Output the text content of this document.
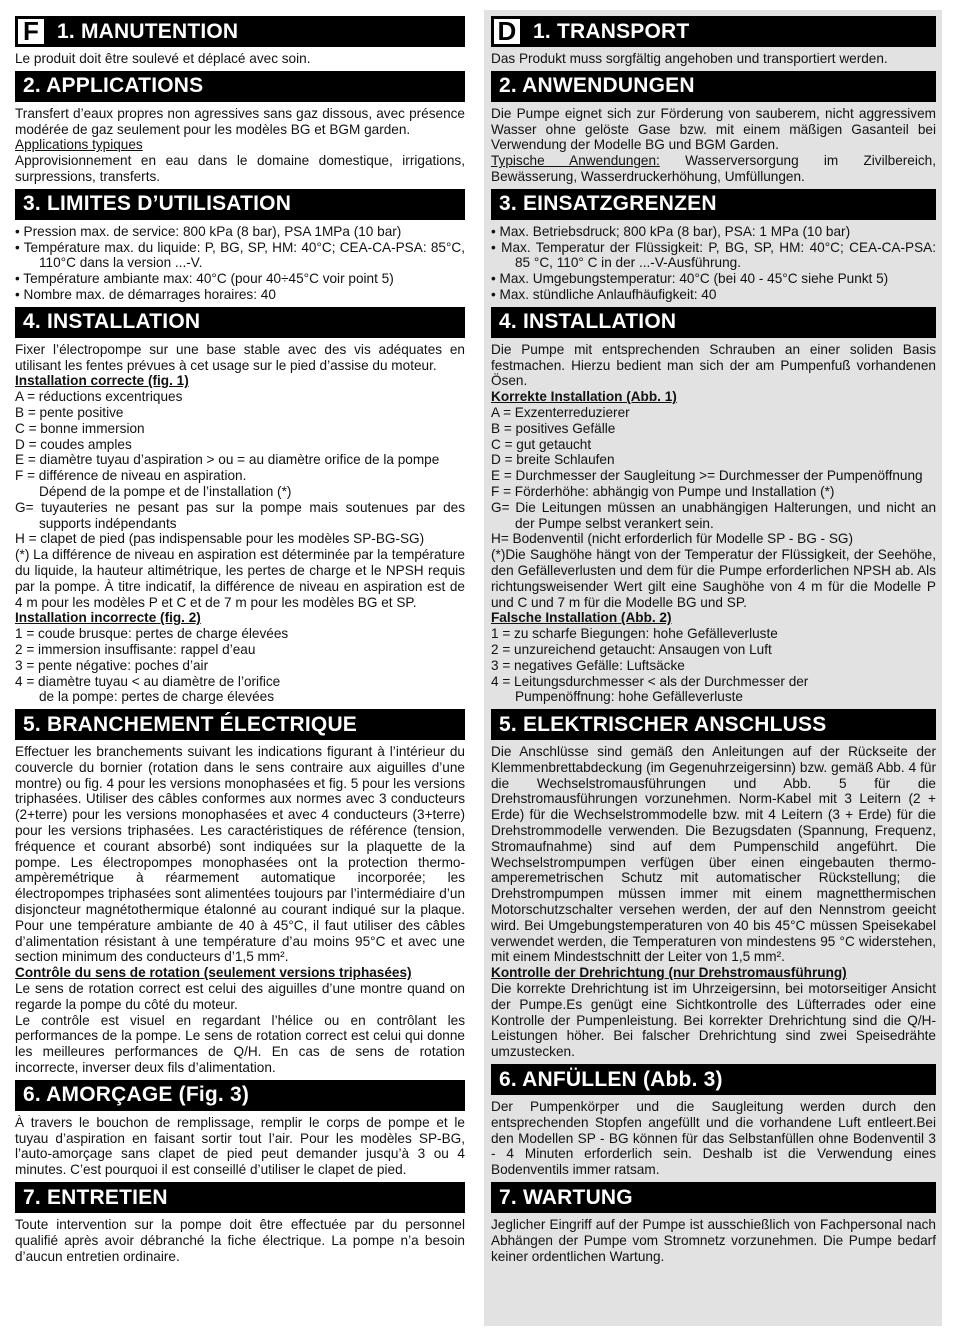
F 1. MANUTENTION

Le produit doit être soulevé et déplacé avec soin.

2. APPLICATIONS

Transfert d’eaux propres non agressives sans gaz dissous, avec présence modérée de gaz seulement pour les modèles BG et BGM garden.

Applications typiques

Approvisionnement en eau dans le domaine domestique, irrigations, surpressions, transferts.

3. LIMITES D’UTILISATION

• Pression max. de service: 800 kPa (8 bar), PSA 1MPa (10 bar)

• Température max. du liquide: P, BG, SP, HM: 40°C; CEA-CA-PSA: 85°C, 110°C dans la version ...-V.

• Température ambiante max: 40°C (pour 40÷45°C voir point 5)

• Nombre max. de démarrages horaires: 40

4. INSTALLATION

Fixer l’électropompe sur une base stable avec des vis adéquates en utilisant les fentes prévues à cet usage sur le pied d’assise du moteur.

Installation correcte (fig. 1)

A = réductions excentriques

B = pente positive

C = bonne immersion

D = coudes amples

E = diamètre tuyau d’aspiration > ou = au diamètre orifice de la pompe

F = différence de niveau en aspiration.

Dépend de la pompe et de l’installation (*)

G= tuyauteries ne pesant pas sur la pompe mais soutenues par des supports indépendants

H = clapet de pied (pas indispensable pour les modèles SP-BG-SG)

(*) La différence de niveau en aspiration est déterminée par la température du liquide, la hauteur altimétrique, les pertes de charge et le NPSH requis par la pompe. À titre indicatif, la différence de niveau en aspiration est de 4 m pour les modèles P et C et de 7 m pour les modèles BG et SP.

Installation incorrecte (fig. 2)

1 = coude brusque: pertes de charge élevées

2 = immersion insuffisante: rappel d’eau

3 = pente négative: poches d’air

4 = diamètre tuyau < au diamètre de l’orifice

de la pompe: pertes de charge élevées

5. BRANCHEMENT ÉLECTRIQUE

Effectuer les branchements suivant les indications figurant à l’intérieur du couvercle du bornier (rotation dans le sens contraire aux aiguilles d’une montre) ou fig. 4 pour les versions monophasées et fig. 5 pour les versions triphasées. Utiliser des câbles conformes aux normes avec 3 conducteurs (2+terre) pour les versions monophasées et avec 4 conducteurs (3+terre) pour les versions triphasées. Les caractéristiques de référence (tension, fréquence et courant absorbé) sont indiquées sur la plaquette de la pompe. Les électropompes monophasées ont la protection thermo-ampèremétrique à réarmement automatique incorporée; les électropompes triphasées sont alimentées toujours par l’intermédiaire d’un disjoncteur magnétothermique étalonné au courant indiqué sur la plaque. Pour une température ambiante de 40 à 45°C, il faut utiliser des câbles d’alimentation résistant à une température d’au moins 95°C et avec une section minimum des conducteurs d’1,5 mm².

Contrôle du sens de rotation (seulement versions triphasées)

Le sens de rotation correct est celui des aiguilles d’une montre quand on regarde la pompe du côté du moteur.

Le contrôle est visuel en regardant l’hélice ou en contrôlant les performances de la pompe. Le sens de rotation correct est celui qui donne les meilleures performances de Q/H. En cas de sens de rotation incorrecte, inverser deux fils d’alimentation.

6. AMORÇAGE (Fig. 3)

À travers le bouchon de remplissage, remplir le corps de pompe et le tuyau d’aspiration en faisant sortir tout l’air. Pour les modèles SP-BG, l’auto-amorçage sans clapet de pied peut demander jusqu’à 3 ou 4 minutes. C’est pourquoi il est conseillé d’utiliser le clapet de pied.

7. ENTRETIEN

Toute intervention sur la pompe doit être effectuée par du personnel qualifié après avoir débranché la fiche électrique. La pompe n’a besoin d’aucun entretien ordinaire.

D 1. TRANSPORT

Das Produkt muss sorgfältig angehoben und transportiert werden.

2. ANWENDUNGEN

Die Pumpe eignet sich zur Förderung von sauberem, nicht aggressivem Wasser ohne gelöste Gase bzw. mit einem mäßigen Gasanteil bei Verwendung der Modelle BG und BGM Garden.

Typische Anwendungen: Wasserversorgung im Zivilbereich, Bewässerung, Wasserdruckerhöhung, Umfüllungen.

3. EINSATZGRENZEN

• Max. Betriebsdruck; 800 kPa (8 bar), PSA: 1 MPa (10 bar)

• Max. Temperatur der Flüssigkeit: P, BG, SP, HM: 40°C; CEA-CA-PSA: 85 °C, 110° C in der ...-V-Ausführung.

• Max. Umgebungstemperatur: 40°C (bei 40 - 45°C siehe Punkt 5)

• Max. stündliche Anlaufhäufigkeit: 40

4. INSTALLATION

Die Pumpe mit entsprechenden Schrauben an einer soliden Basis festmachen. Hierzu bedient man sich der am Pumpenfuß vorhandenen Ösen.

Korrekte Installation (Abb. 1)

A = Exzenterreduzierer

B = positives Gefälle

C = gut getaucht

D = breite Schlaufen

E = Durchmesser der Saugleitung >= Durchmesser der Pumpenöffnung

F = Förderhöhe: abhängig von Pumpe und Installation (*)

G= Die Leitungen müssen an unabhängigen Halterungen, und nicht an der Pumpe selbst verankert sein.

H= Bodenventil (nicht erforderlich für Modelle SP - BG - SG)

(*)Die Saughöhe hängt von der Temperatur der Flüssigkeit, der Seehöhe, den Gefälleverlusten und dem für die Pumpe erforderlichen NPSH ab. Als richtungsweisender Wert gilt eine Saughöhe von 4 m für die Modelle P und C und 7 m für die Modelle BG und SP.

Falsche Installation (Abb. 2)

1 = zu scharfe Biegungen: hohe Gefälleverluste

2 = unzureichend getaucht: Ansaugen von Luft

3 = negatives Gefälle: Luftsäcke

4 = Leitungsdurchmesser < als der Durchmesser der

Pumpenöffnung: hohe Gefälleverluste

5. ELEKTRISCHER ANSCHLUSS

Die Anschlüsse sind gemäß den Anleitungen auf der Rückseite der Klemmenbrettabdeckung (im Gegenuhrzeigersinn) bzw. gemäß Abb. 4 für die Wechselstromausführungen und Abb. 5 für die Drehstromausführungen vorzunehmen. Norm-Kabel mit 3 Leitern (2 + Erde) für die Wechselstrommodelle bzw. mit 4 Leitern (3 + Erde) für die Drehstrommodelle verwenden. Die Bezugsdaten (Spannung, Frequenz, Stromaufnahme) sind auf dem Pumpenschild angeführt. Die Wechselstrompumpen verfügen über einen eingebauten thermo-amperemetrischen Schutz mit automatischer Rückstellung; die Drehstrompumpen müssen immer mit einem magnetthermischen Motorschutzschalter versehen werden, der auf den Nennstrom geeicht wird. Bei Umgebungstemperaturen von 40 bis 45°C müssen Speisekabel verwendet werden, die Temperaturen von mindestens 95 °C widerstehen, mit einem Mindestschnitt der Leiter von 1,5 mm².

Kontrolle der Drehrichtung (nur Drehstromausführung)

Die korrekte Drehrichtung ist im Uhrzeigersinn, bei motorseitiger Ansicht der Pumpe.Es genügt eine Sichtkontrolle des Lüfterrades oder eine Kontrolle der Pumpenleistung. Bei korrekter Drehrichtung sind die Q/H-Leistungen höher. Bei falscher Drehrichtung sind zwei Speisedrähte umzustecken.

6. ANFÜLLEN (Abb. 3)

Der Pumpenkörper und die Saugleitung werden durch den entsprechenden Stopfen angefüllt und die vorhandene Luft entleert.Bei den Modellen SP - BG können für das Selbstanfüllen ohne Bodenventil 3 - 4 Minuten erforderlich sein. Deshalb ist die Verwendung eines Bodenventils immer ratsam.

7. WARTUNG

Jeglicher Eingriff auf der Pumpe ist ausschießlich von Fachpersonal nach Abhängen der Pumpe vom Stromnetz vorzunehmen. Die Pumpe bedarf keiner ordentlichen Wartung.
